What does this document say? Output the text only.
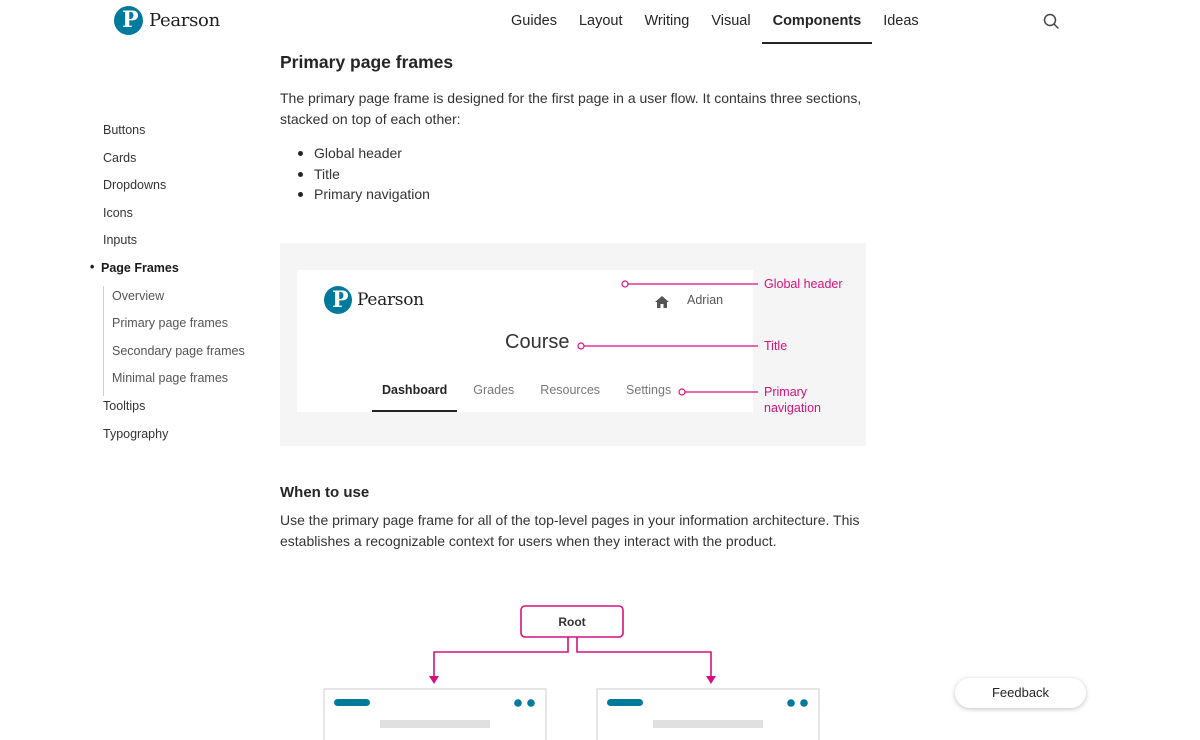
P Pearson	Guides	Layout	Writing	Visual	Components	Ideas
Buttons
Cards
Dropdowns
Icons
Inputs
• Page Frames
Overview
Primary page frames
Secondary page frames
Minimal page frames
Tooltips
Typography
Primary page frames

The primary page frame is designed for the first page in a user flow. It contains three sections, stacked on top of each other:

Global header
Title
Primary navigation
When to use

Use the primary page frame for all of the top-level pages in your information architecture. This establishes a recognizable context for users when they interact with the product.

P Pearson	Adrian
Course
Dashboard	Grades	Resources	Settings
Global header
Title
Primary
navigation
Root
Feedback
